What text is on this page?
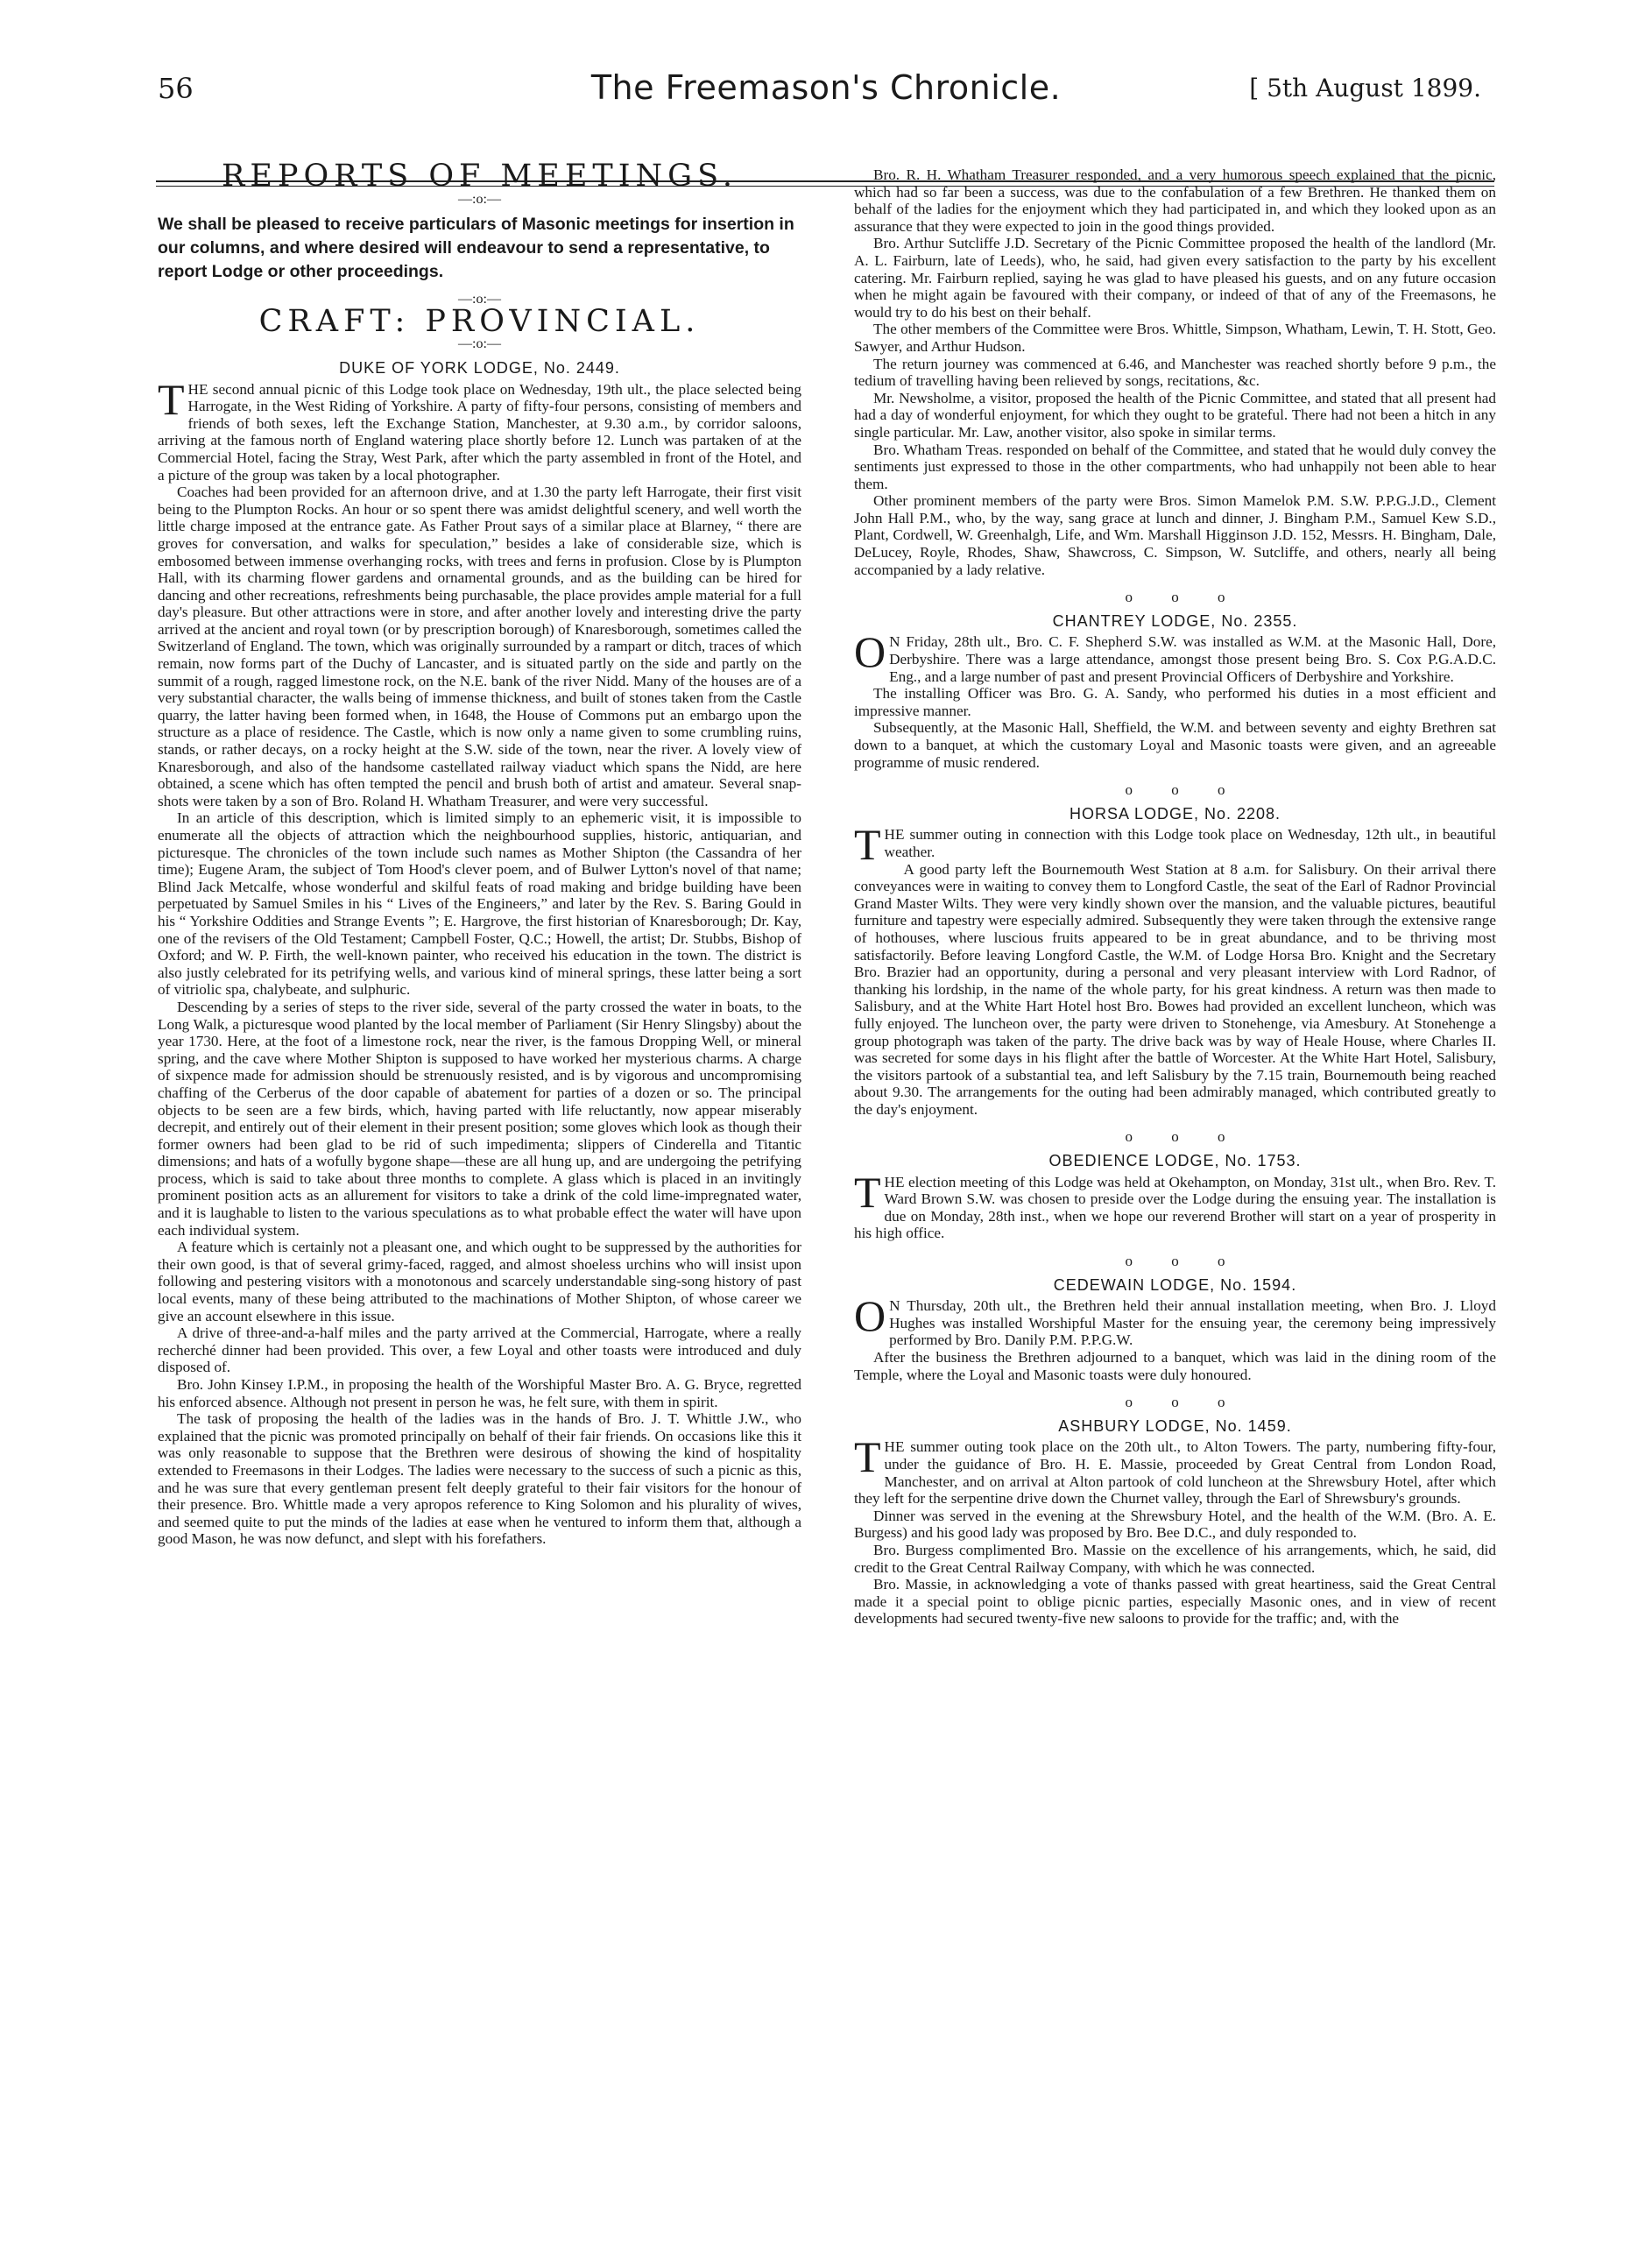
56	The Freemason's Chronicle.	[ 5th August 1899.
REPORTS OF MEETINGS.
—:o:—
We shall be pleased to receive particulars of Masonic meetings for insertion in our columns, and where desired will endeavour to send a representative, to report Lodge or other proceedings.
—:o:—
CRAFT: PROVINCIAL.
—:o:—
DUKE OF YORK LODGE, No. 2449.

THE second annual picnic of this Lodge took place on Wednesday, 19th ult., the place selected being Harrogate, in the West Riding of Yorkshire. A party of fifty-four persons, consisting of members and friends of both sexes, left the Exchange Station, Manchester, at 9.30 a.m., by corridor saloons, arriving at the famous north of England watering place shortly before 12. Lunch was partaken of at the Commercial Hotel, facing the Stray, West Park, after which the party assembled in front of the Hotel, and a picture of the group was taken by a local photographer.

Coaches had been provided for an afternoon drive, and at 1.30 the party left Harrogate, their first visit being to the Plumpton Rocks. An hour or so spent there was amidst delightful scenery, and well worth the little charge imposed at the entrance gate. As Father Prout says of a similar place at Blarney, “ there are groves for conversation, and walks for speculation,” besides a lake of considerable size, which is embosomed between immense overhanging rocks, with trees and ferns in profusion. Close by is Plumpton Hall, with its charming flower gardens and ornamental grounds, and as the building can be hired for dancing and other recreations, refreshments being purchasable, the place provides ample material for a full day's pleasure. But other attractions were in store, and after another lovely and interesting drive the party arrived at the ancient and royal town (or by prescription borough) of Knaresborough, sometimes called the Switzerland of England. The town, which was originally surrounded by a rampart or ditch, traces of which remain, now forms part of the Duchy of Lancaster, and is situated partly on the side and partly on the summit of a rough, ragged limestone rock, on the N.E. bank of the river Nidd. Many of the houses are of a very substantial character, the walls being of immense thickness, and built of stones taken from the Castle quarry, the latter having been formed when, in 1648, the House of Commons put an embargo upon the structure as a place of residence. The Castle, which is now only a name given to some crumbling ruins, stands, or rather decays, on a rocky height at the S.W. side of the town, near the river. A lovely view of Knaresborough, and also of the handsome castellated railway viaduct which spans the Nidd, are here obtained, a scene which has often tempted the pencil and brush both of artist and amateur. Several snap-shots were taken by a son of Bro. Roland H. Whatham Treasurer, and were very successful.

In an article of this description, which is limited simply to an ephemeric visit, it is impossible to enumerate all the objects of attraction which the neighbourhood supplies, historic, antiquarian, and picturesque. The chronicles of the town include such names as Mother Shipton (the Cassandra of her time); Eugene Aram, the subject of Tom Hood's clever poem, and of Bulwer Lytton's novel of that name; Blind Jack Metcalfe, whose wonderful and skilful feats of road making and bridge building have been perpetuated by Samuel Smiles in his “ Lives of the Engineers,” and later by the Rev. S. Baring Gould in his “ Yorkshire Oddities and Strange Events ”; E. Hargrove, the first historian of Knaresborough; Dr. Kay, one of the revisers of the Old Testament; Campbell Foster, Q.C.; Howell, the artist; Dr. Stubbs, Bishop of Oxford; and W. P. Firth, the well-known painter, who received his education in the town. The district is also justly celebrated for its petrifying wells, and various kind of mineral springs, these latter being a sort of vitriolic spa, chalybeate, and sulphuric.

Descending by a series of steps to the river side, several of the party crossed the water in boats, to the Long Walk, a picturesque wood planted by the local member of Parliament (Sir Henry Slingsby) about the year 1730. Here, at the foot of a limestone rock, near the river, is the famous Dropping Well, or mineral spring, and the cave where Mother Shipton is supposed to have worked her mysterious charms. A charge of sixpence made for admission should be strenuously resisted, and is by vigorous and uncompromising chaffing of the Cerberus of the door capable of abatement for parties of a dozen or so. The principal objects to be seen are a few birds, which, having parted with life reluctantly, now appear miserably decrepit, and entirely out of their element in their present position; some gloves which look as though their former owners had been glad to be rid of such impedimenta; slippers of Cinderella and Titantic dimensions; and hats of a wofully bygone shape—these are all hung up, and are undergoing the petrifying process, which is said to take about three months to complete. A glass which is placed in an invitingly prominent position acts as an allurement for visitors to take a drink of the cold lime-impregnated water, and it is laughable to listen to the various speculations as to what probable effect the water will have upon each individual system.

A feature which is certainly not a pleasant one, and which ought to be suppressed by the authorities for their own good, is that of several grimy-faced, ragged, and almost shoeless urchins who will insist upon following and pestering visitors with a monotonous and scarcely understandable sing-song history of past local events, many of these being attributed to the machinations of Mother Shipton, of whose career we give an account elsewhere in this issue.

A drive of three-and-a-half miles and the party arrived at the Commercial, Harrogate, where a really recherché dinner had been provided. This over, a few Loyal and other toasts were introduced and duly disposed of.

Bro. John Kinsey I.P.M., in proposing the health of the Worshipful Master Bro. A. G. Bryce, regretted his enforced absence. Although not present in person he was, he felt sure, with them in spirit.

The task of proposing the health of the ladies was in the hands of Bro. J. T. Whittle J.W., who explained that the picnic was promoted principally on behalf of their fair friends. On occasions like this it was only reasonable to suppose that the Brethren were desirous of showing the kind of hospitality extended to Freemasons in their Lodges. The ladies were necessary to the success of such a picnic as this, and he was sure that every gentleman present felt deeply grateful to their fair visitors for the honour of their presence. Bro. Whittle made a very apropos reference to King Solomon and his plurality of wives, and seemed quite to put the minds of the ladies at ease when he ventured to inform them that, although a good Mason, he was now defunct, and slept with his forefathers.

Bro. R. H. Whatham Treasurer responded, and a very humorous speech explained that the picnic, which had so far been a success, was due to the confabulation of a few Brethren. He thanked them on behalf of the ladies for the enjoyment which they had participated in, and which they looked upon as an assurance that they were expected to join in the good things provided.

Bro. Arthur Sutcliffe J.D. Secretary of the Picnic Committee proposed the health of the landlord (Mr. A. L. Fairburn, late of Leeds), who, he said, had given every satisfaction to the party by his excellent catering. Mr. Fairburn replied, saying he was glad to have pleased his guests, and on any future occasion when he might again be favoured with their company, or indeed of that of any of the Freemasons, he would try to do his best on their behalf.

The other members of the Committee were Bros. Whittle, Simpson, Whatham, Lewin, T. H. Stott, Geo. Sawyer, and Arthur Hudson.

The return journey was commenced at 6.46, and Manchester was reached shortly before 9 p.m., the tedium of travelling having been relieved by songs, recitations, &c.

Mr. Newsholme, a visitor, proposed the health of the Picnic Committee, and stated that all present had had a day of wonderful enjoyment, for which they ought to be grateful. There had not been a hitch in any single particular. Mr. Law, another visitor, also spoke in similar terms.

Bro. Whatham Treas. responded on behalf of the Committee, and stated that he would duly convey the sentiments just expressed to those in the other compartments, who had unhappily not been able to hear them.

Other prominent members of the party were Bros. Simon Mamelok P.M. S.W. P.P.G.J.D., Clement John Hall P.M., who, by the way, sang grace at lunch and dinner, J. Bingham P.M., Samuel Kew S.D., Plant, Cordwell, W. Greenhalgh, Life, and Wm. Marshall Higginson J.D. 152, Messrs. H. Bingham, Dale, DeLucey, Royle, Rhodes, Shaw, Shawcross, C. Simpson, W. Sutcliffe, and others, nearly all being accompanied by a lady relative.

o o o
CHANTREY LODGE, No. 2355.

O N Friday, 28th ult., Bro. C. F. Shepherd S.W. was installed as W.M. at the Masonic Hall, Dore, Derbyshire. There was a large attendance, amongst those present being Bro. S. Cox P.G.A.D.C. Eng., and a large number of past and present Provincial Officers of Derbyshire and Yorkshire.

The installing Officer was Bro. G. A. Sandy, who performed his duties in a most efficient and impressive manner.

Subsequently, at the Masonic Hall, Sheffield, the W.M. and between seventy and eighty Brethren sat down to a banquet, at which the customary Loyal and Masonic toasts were given, and an agreeable programme of music rendered.

o o o
HORSA LODGE, No. 2208.

THE summer outing in connection with this Lodge took place on Wednesday, 12th ult., in beautiful weather.

A good party left the Bournemouth West Station at 8 a.m. for Salisbury. On their arrival there conveyances were in waiting to convey them to Longford Castle, the seat of the Earl of Radnor Provincial Grand Master Wilts. They were very kindly shown over the mansion, and the valuable pictures, beautiful furniture and tapestry were especially admired. Subsequently they were taken through the extensive range of hothouses, where luscious fruits appeared to be in great abundance, and to be thriving most satisfactorily. Before leaving Longford Castle, the W.M. of Lodge Horsa Bro. Knight and the Secretary Bro. Brazier had an opportunity, during a personal and very pleasant interview with Lord Radnor, of thanking his lordship, in the name of the whole party, for his great kindness. A return was then made to Salisbury, and at the White Hart Hotel host Bro. Bowes had provided an excellent luncheon, which was fully enjoyed. The luncheon over, the party were driven to Stonehenge, via Amesbury. At Stonehenge a group photograph was taken of the party. The drive back was by way of Heale House, where Charles II. was secreted for some days in his flight after the battle of Worcester. At the White Hart Hotel, Salisbury, the visitors partook of a substantial tea, and left Salisbury by the 7.15 train, Bournemouth being reached about 9.30. The arrangements for the outing had been admirably managed, which contributed greatly to the day's enjoyment.

o o o
OBEDIENCE LODGE, No. 1753.

THE election meeting of this Lodge was held at Okehampton, on Monday, 31st ult., when Bro. Rev. T. Ward Brown S.W. was chosen to preside over the Lodge during the ensuing year. The installation is due on Monday, 28th inst., when we hope our reverend Brother will start on a year of prosperity in his high office.

o o o
CEDEWAIN LODGE, No. 1594.

O N Thursday, 20th ult., the Brethren held their annual installation meeting, when Bro. J. Lloyd Hughes was installed Worshipful Master for the ensuing year, the ceremony being impressively performed by Bro. Danily P.M. P.P.G.W.

After the business the Brethren adjourned to a banquet, which was laid in the dining room of the Temple, where the Loyal and Masonic toasts were duly honoured.

o o o
ASHBURY LODGE, No. 1459.

THE summer outing took place on the 20th ult., to Alton Towers. The party, numbering fifty-four, under the guidance of Bro. H. E. Massie, proceeded by Great Central from London Road, Manchester, and on arrival at Alton partook of cold luncheon at the Shrewsbury Hotel, after which they left for the serpentine drive down the Churnet valley, through the Earl of Shrewsbury's grounds.

Dinner was served in the evening at the Shrewsbury Hotel, and the health of the W.M. (Bro. A. E. Burgess) and his good lady was proposed by Bro. Bee D.C., and duly responded to.

Bro. Burgess complimented Bro. Massie on the excellence of his arrangements, which, he said, did credit to the Great Central Railway Company, with which he was connected.

Bro. Massie, in acknowledging a vote of thanks passed with great heartiness, said the Great Central made it a special point to oblige picnic parties, especially Masonic ones, and in view of recent developments had secured twenty-five new saloons to provide for the traffic; and, with the
